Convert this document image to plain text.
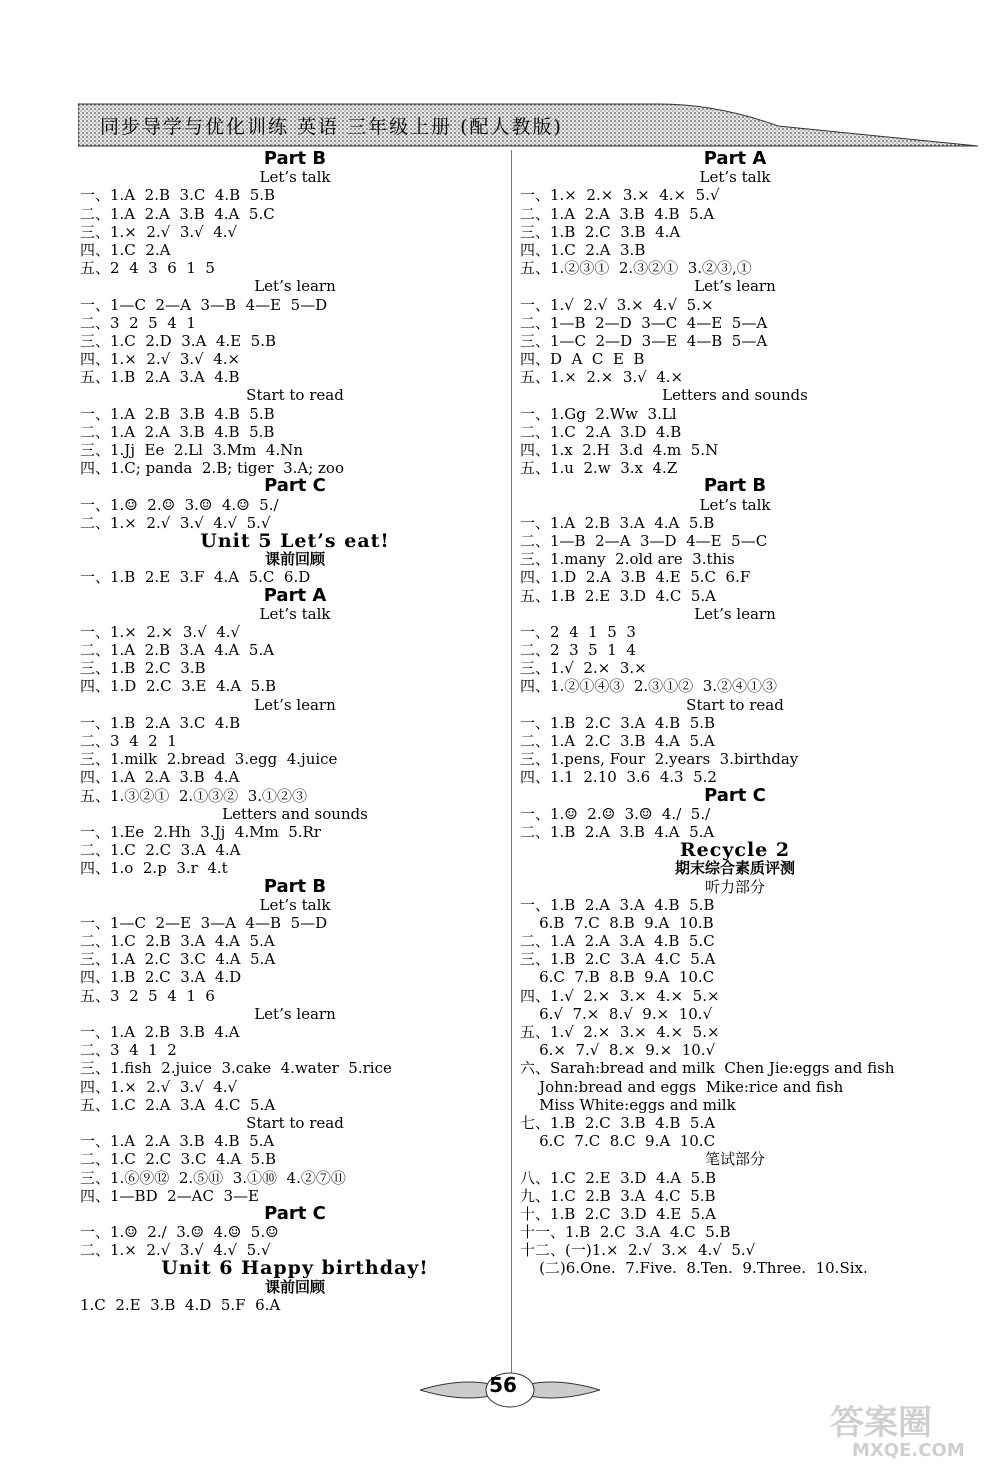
同步导学与优化训练 英语 三年级上册 (配人教版)
Part B
Let’s talk
一、1.A  2.B  3.C  4.B  5.B
二、1.A  2.A  3.B  4.A  5.C
三、1.×  2.√  3.√  4.√
四、1.C  2.A
五、2  4  3  6  1  5
Let’s learn
一、1—C  2—A  3—B  4—E  5—D
二、3  2  5  4  1
三、1.C  2.D  3.A  4.E  5.B
四、1.×  2.√  3.√  4.×
五、1.B  2.A  3.A  4.B
Start to read
一、1.A  2.B  3.B  4.B  5.B
二、1.A  2.A  3.B  4.B  5.B
三、1.Jj  Ee  2.Ll  3.Mm  4.Nn
四、1.C; panda  2.B; tiger  3.A; zoo
Part C
一、1.☺  2.☺  3.☺  4.☺  5./
二、1.×  2.√  3.√  4.√  5.√
Unit 5 Let’s eat!
课前回顾
一、1.B  2.E  3.F  4.A  5.C  6.D
Part A
Let’s talk
一、1.×  2.×  3.√  4.√
二、1.A  2.B  3.A  4.A  5.A
三、1.B  2.C  3.B
四、1.D  2.C  3.E  4.A  5.B
Let’s learn
一、1.B  2.A  3.C  4.B
二、3  4  2  1
三、1.milk  2.bread  3.egg  4.juice
四、1.A  2.A  3.B  4.A
五、1.③②①  2.①③②  3.①②③
Letters and sounds
一、1.Ee  2.Hh  3.Jj  4.Mm  5.Rr
二、1.C  2.C  3.A  4.A
四、1.o  2.p  3.r  4.t
Part B
Let’s talk
一、1—C  2—E  3—A  4—B  5—D
二、1.C  2.B  3.A  4.A  5.A
三、1.A  2.C  3.C  4.A  5.A
四、1.B  2.C  3.A  4.D
五、3  2  5  4  1  6
Let’s learn
一、1.A  2.B  3.B  4.A
二、3  4  1  2
三、1.fish  2.juice  3.cake  4.water  5.rice
四、1.×  2.√  3.√  4.√
五、1.C  2.A  3.A  4.C  5.A
Start to read
一、1.A  2.A  3.B  4.B  5.A
二、1.C  2.C  3.C  4.A  5.B
三、1.⑥⑨⑫  2.⑤⑪  3.①⑩  4.②⑦⑪
四、1—BD  2—AC  3—E
Part C
一、1.☺  2./  3.☺  4.☺  5.☺
二、1.×  2.√  3.√  4.√  5.√
Unit 6 Happy birthday!
课前回顾
1.C  2.E  3.B  4.D  5.F  6.A
Part A
Let’s talk
一、1.×  2.×  3.×  4.×  5.√
二、1.A  2.A  3.B  4.B  5.A
三、1.B  2.C  3.B  4.A
四、1.C  2.A  3.B
五、1.②③①  2.③②①  3.②③,①
Let’s learn
一、1.√  2.√  3.×  4.√  5.×
二、1—B  2—D  3—C  4—E  5—A
三、1—C  2—D  3—E  4—B  5—A
四、D  A  C  E  B
五、1.×  2.×  3.√  4.×
Letters and sounds
一、1.Gg  2.Ww  3.Ll
二、1.C  2.A  3.D  4.B
四、1.x  2.H  3.d  4.m  5.N
五、1.u  2.w  3.x  4.Z
Part B
Let’s talk
一、1.A  2.B  3.A  4.A  5.B
二、1—B  2—A  3—D  4—E  5—C
三、1.many  2.old are  3.this
四、1.D  2.A  3.B  4.E  5.C  6.F
五、1.B  2.E  3.D  4.C  5.A
Let’s learn
一、2  4  1  5  3
二、2  3  5  1  4
三、1.√  2.×  3.×
四、1.②①④③  2.③①②  3.②④①③
Start to read
一、1.B  2.C  3.A  4.B  5.B
二、1.A  2.C  3.B  4.A  5.A
三、1.pens, Four  2.years  3.birthday
四、1.1  2.10  3.6  4.3  5.2
Part C
一、1.☺  2.☺  3.☺  4./  5./
二、1.B  2.A  3.B  4.A  5.A
Recycle 2
期末综合素质评测
听力部分
一、1.B  2.A  3.A  4.B  5.B
6.B  7.C  8.B  9.A  10.B
二、1.A  2.A  3.A  4.B  5.C
三、1.B  2.C  3.A  4.C  5.A
6.C  7.B  8.B  9.A  10.C
四、1.√  2.×  3.×  4.×  5.×
6.√  7.×  8.√  9.×  10.√
五、1.√  2.×  3.×  4.×  5.×
6.×  7.√  8.×  9.×  10.√
六、Sarah:bread and milk  Chen Jie:eggs and fish
John:bread and eggs  Mike:rice and fish
Miss White:eggs and milk
七、1.B  2.C  3.B  4.B  5.A
6.C  7.C  8.C  9.A  10.C
笔试部分
八、1.C  2.E  3.D  4.A  5.B
九、1.C  2.B  3.A  4.C  5.B
十、1.B  2.C  3.D  4.E  5.A
十一、1.B  2.C  3.A  4.C  5.B
十二、(一)1.×  2.√  3.×  4.√  5.√
(二)6.One.  7.Five.  8.Ten.  9.Three.  10.Six.
56
答案圈
MXQE.COM
